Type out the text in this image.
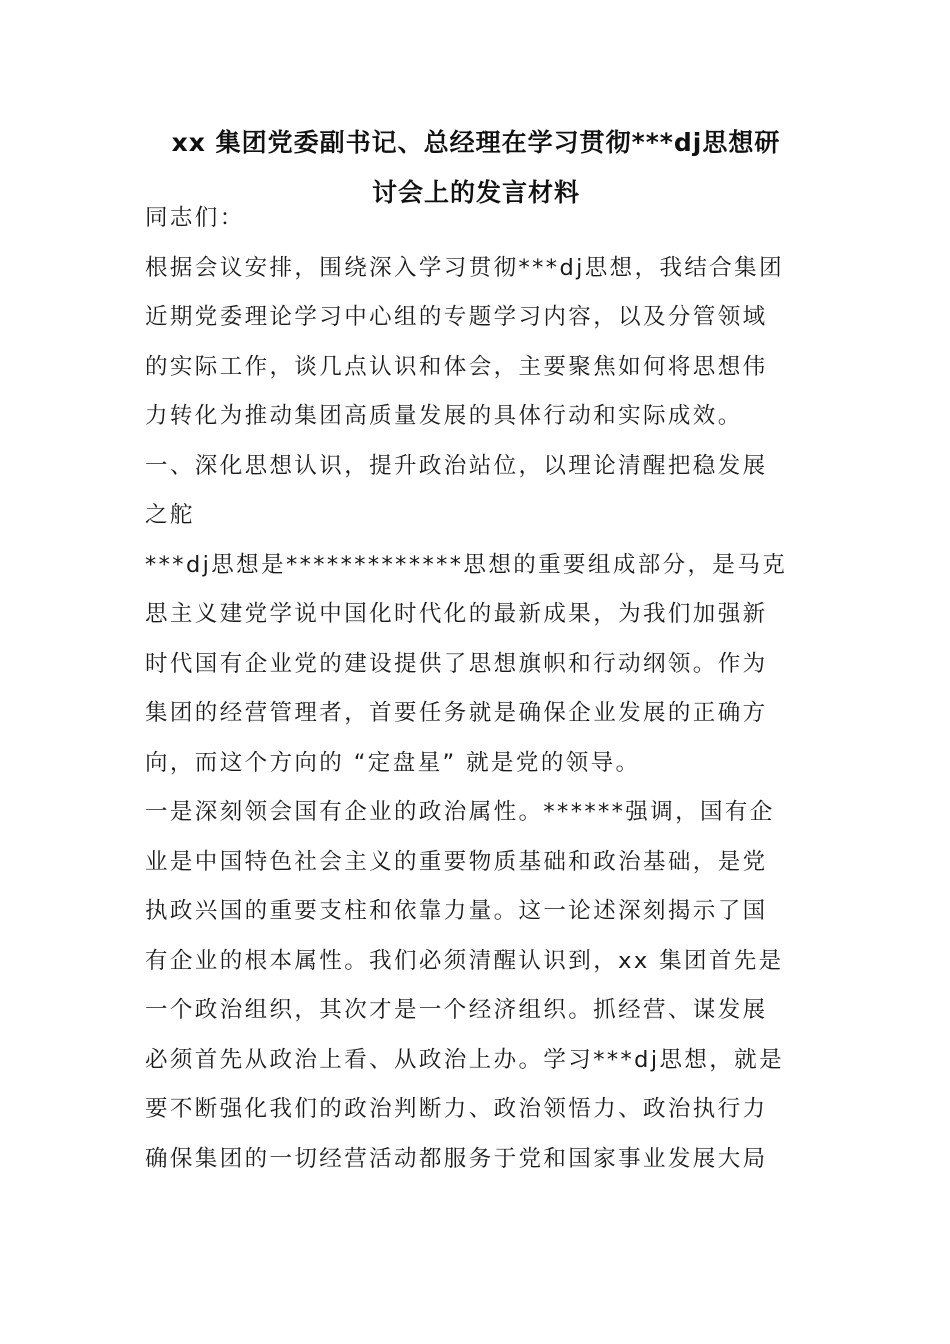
xx 集团党委副书记、总经理在学习贯彻***dj思想研
讨会上的发言材料
同志们：
根据会议安排，围绕深入学习贯彻***dj思想，我结合集团
近期党委理论学习中心组的专题学习内容，以及分管领域
的实际工作，谈几点认识和体会，主要聚焦如何将思想伟
力转化为推动集团高质量发展的具体行动和实际成效。
一、深化思想认识，提升政治站位，以理论清醒把稳发展
之舵
***dj思想是*************思想的重要组成部分，是马克
思主义建党学说中国化时代化的最新成果，为我们加强新
时代国有企业党的建设提供了思想旗帜和行动纲领。作为
集团的经营管理者，首要任务就是确保企业发展的正确方
向，而这个方向的 “定盘星” 就是党的领导。
一是深刻领会国有企业的政治属性。******强调，国有企
业是中国特色社会主义的重要物质基础和政治基础，是党
执政兴国的重要支柱和依靠力量。这一论述深刻揭示了国
有企业的根本属性。我们必须清醒认识到，xx 集团首先是
一个政治组织，其次才是一个经济组织。抓经营、谋发展
必须首先从政治上看、从政治上办。学习***dj思想，就是
要不断强化我们的政治判断力、政治领悟力、政治执行力
确保集团的一切经营活动都服务于党和国家事业发展大局
